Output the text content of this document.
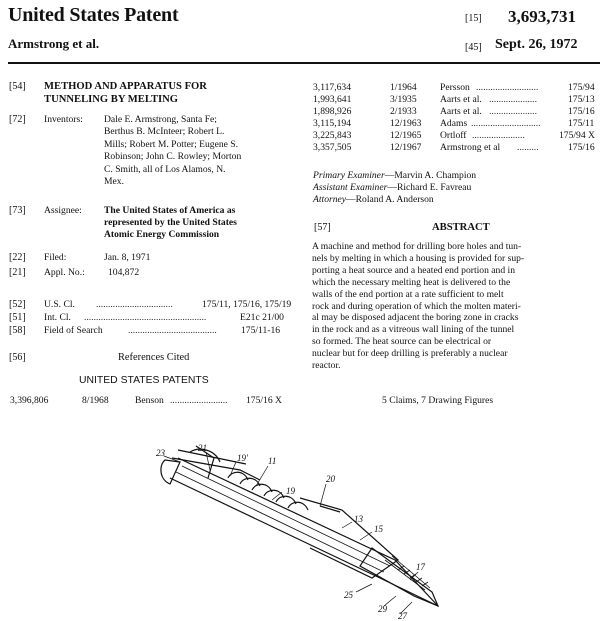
United States Patent
Armstrong et al.
[15] 3,693,731
[45] Sept. 26, 1972
[54] METHOD AND APPARATUS FOR
TUNNELING BY MELTING
[72] Inventors: Dale E. Armstrong, Santa Fe;
Berthus B. McInteer; Robert L.
Mills; Robert M. Potter; Eugene S.
Robinson; John C. Rowley; Morton
C. Smith, all of Los Alamos, N.
Mex.
[73] Assignee: The United States of America as
represented by the United States
Atomic Energy Commission
[22] Filed:	Jan. 8, 1971
[21] Appl. No.: 104,872
[52] U.S. Cl. ................................	175/11, 175/16, 175/19
[51] Int. Cl. ...................................................	E21c 21/00
[58] Field of Search	.....................................	175/11-16
[56]	References Cited
UNITED STATES PATENTS
3,396,806	8/1968	Benson ........................ 175/16 X
3,117,634	1/1964 Persson ..........................	175/94
1,993,641	3/1935 Aarts et al. ....................	175/13
1,898,926	2/1933 Aarts et al. ....................	175/16
3,115,194	12/1963 Adams .............................	175/11
3,225,843	12/1965 Ortloff ......................	175/94 X
3,357,505	12/1967 Armstrong et al .........	175/16
Primary Examiner—Marvin A. Champion
Assistant Examiner—Richard E. Favreau
Attorney—Roland A. Anderson
[57]	ABSTRACT
A machine and method for drilling bore holes and tun-
nels by melting in which a housing is provided for sup-
porting a heat source and a heated end portion and in
which the necessary melting heat is delivered to the
walls of the end portion at a rate sufficient to melt
rock and during operation of which the molten materi-
al may be disposed adjacent the boring zone in cracks
in the rock and as a vitreous wall lining of the tunnel
so formed. The heat source can be electrical or
nuclear but for deep drilling is preferably a nuclear
reactor.
5 Claims, 7 Drawing Figures
23	21
19' 11
19
20
13
15
17
25
29
27
